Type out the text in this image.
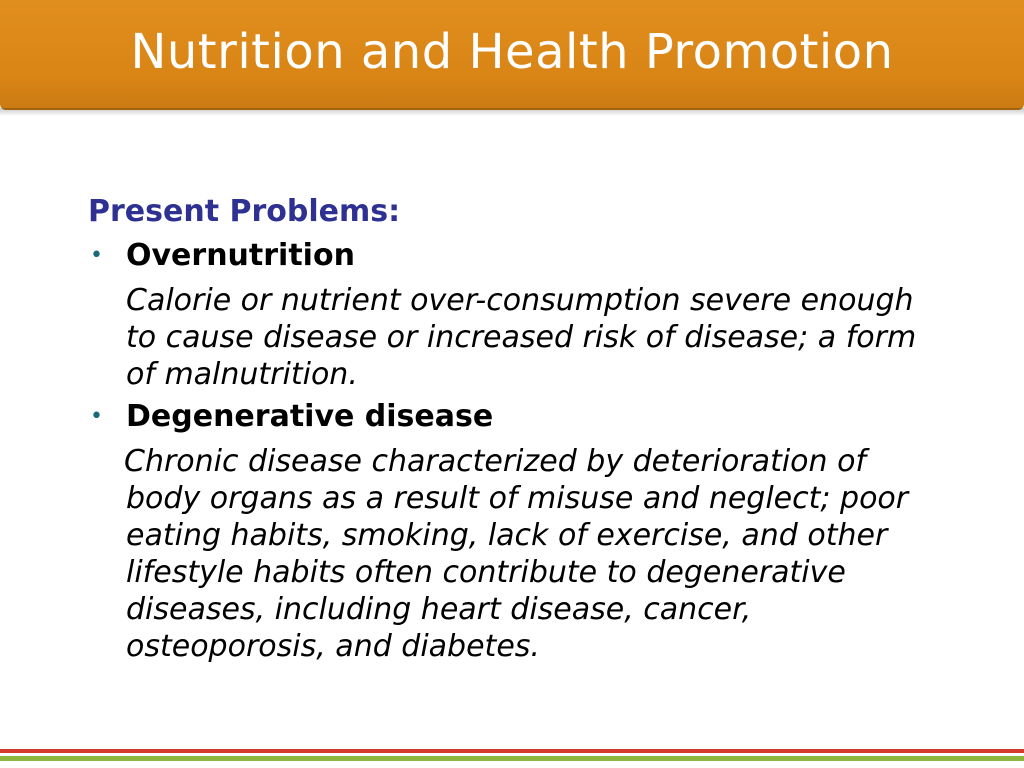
Nutrition and Health Promotion
Present Problems:
• Overnutrition
Calorie or nutrient over-consumption severe enough to cause disease or increased risk of disease; a form of malnutrition.
• Degenerative disease
Chronic disease characterized by deterioration of body organs as a result of misuse and neglect; poor eating habits, smoking, lack of exercise, and other lifestyle habits often contribute to degenerative diseases, including heart disease, cancer, osteoporosis, and diabetes.
